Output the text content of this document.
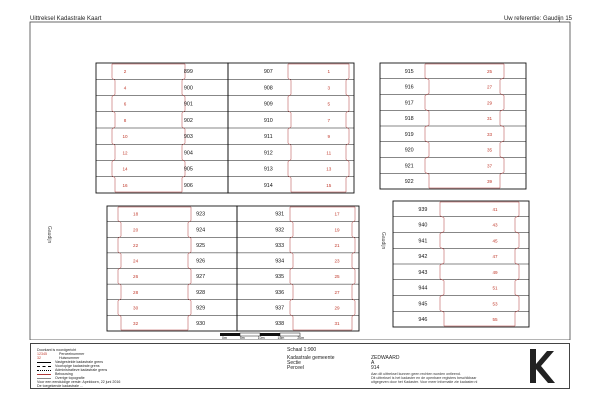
Uittreksel Kadastrale Kaart	Uw referentie: Gaudijn 15
2	899
4	900
6	901
8	902
10	903
12	904
14	905
16	906
1
907
3
908
5
909
7
910
9
911
11
912
13
913
15
914
25
915
27
916
29
917
31
918
33
919
35
920
37
921
39
922
18	923
20	924
22	925
24	926
26	927
28	928
30	929
32	930
17
931
19
932
21
933
23
934
25
935
27
936
29
937
31
938
41
939
43
940
45
941
47
942
49
943
51
944
53
945
55
946
Gaudijn	Gaudijn
0m	5m	10m	15m	20m
Doorkant is noordgericht
12345	Perceelnummer
32	Huisnummer
Vastgestelde kadastrale grens
Voorlopige kadastrale grens
Administratieve kadastrale grens
Bebouwing
Overige topografie
Voor een eenduidige versie: Apeldoorn, 22 juni 2016
De toegekende kadastrale ...
Schaal 1:900
Kadastrale gemeente	ZEDWAARD
Sectie	A
Perceel	914
Aan dit uittreksel kunnen geen rechten worden ontleend.
Dit uittreksel is het kadaster en de openbare registers beschikbaar
uitgegeven door het Kadaster. Voor meer informatie zie kadaster.nl
